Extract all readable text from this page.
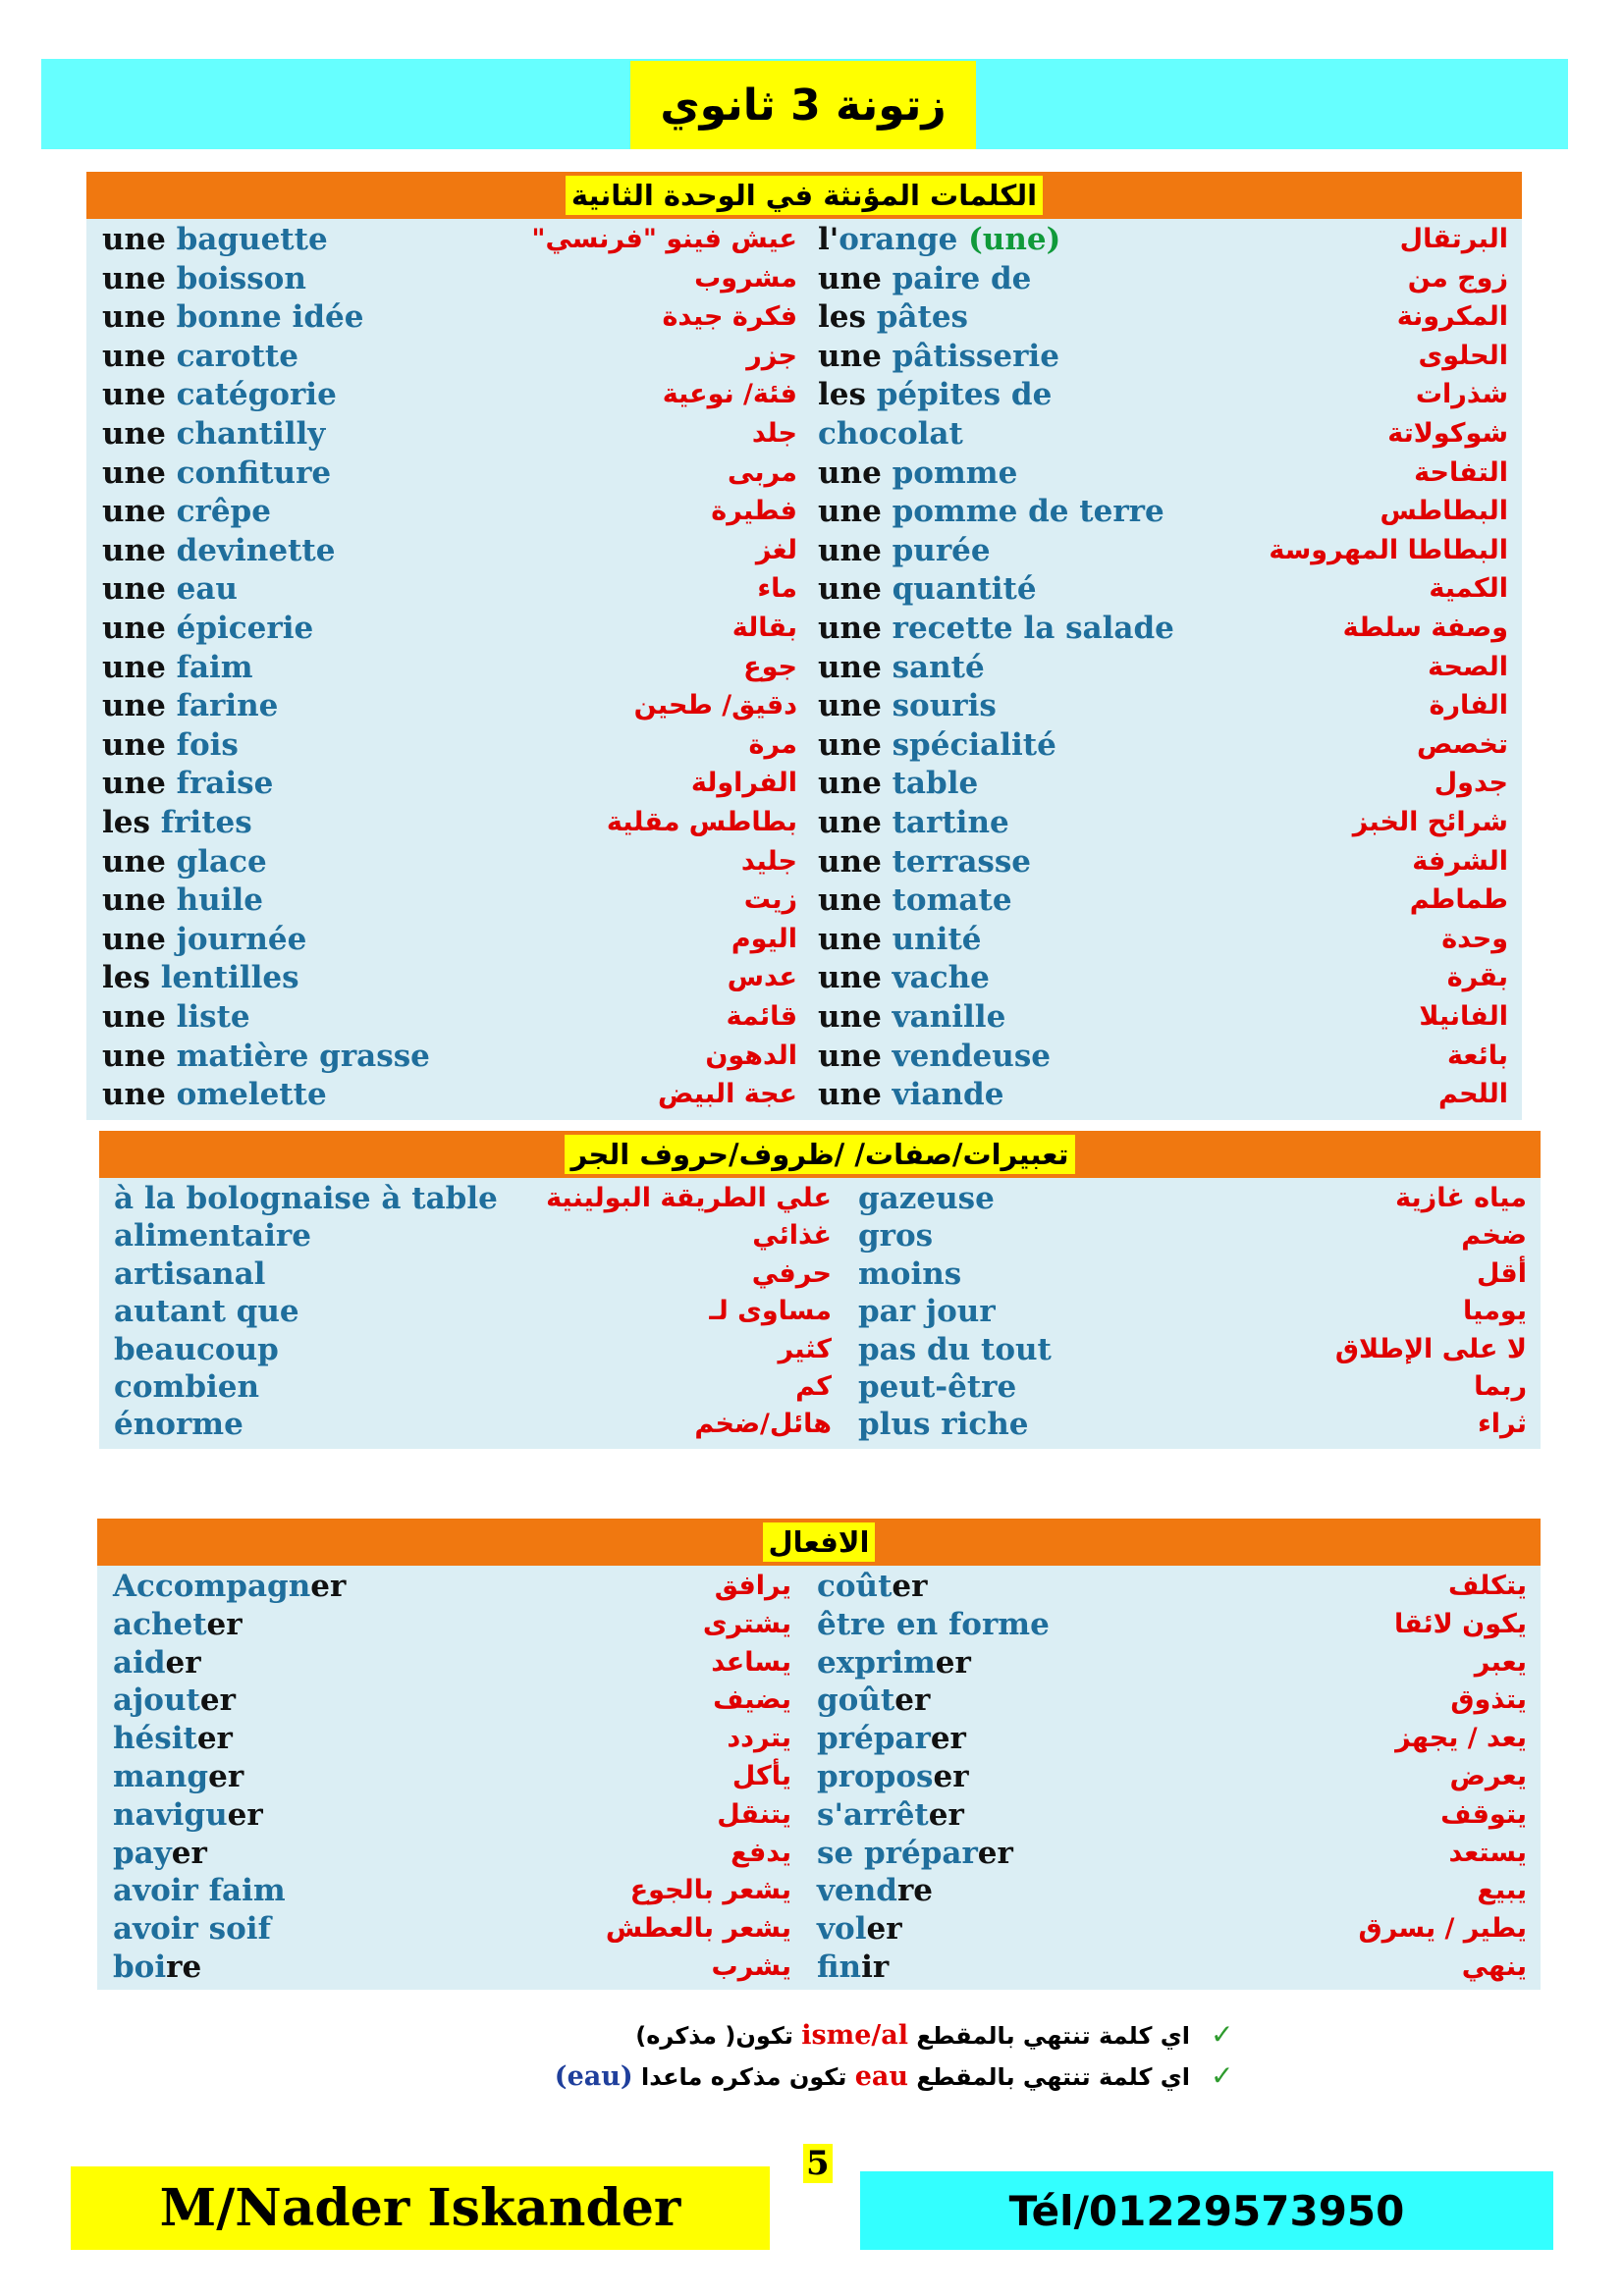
زتونة 3 ثانوي
الكلمات المؤنثة في الوحدة الثانية
une baguette	عيش فينو "فرنسي"
une boisson	مشروب
une bonne idée	فكرة جيدة
une carotte	جزر
une catégorie	فئة/ نوعية
une chantilly	جلد
une confiture	مربى
une crêpe	فطيرة
une devinette	لغز
une eau	ماء
une épicerie	بقالة
une faim	جوع
une farine	دقيق/ طحين
une fois	مرة
une fraise	الفراولة
les frites	بطاطس مقلية
une glace	جليد
une huile	زيت
une journée	اليوم
les lentilles	عدس
une liste	قائمة
une matière grasse	الدهون
une omelette	عجة البيض
l'orange (une)	البرتقال
une paire de	زوج من
les pâtes	المكرونة
une pâtisserie	الحلوى
les pépites de	شذرات
chocolat	شوكولاتة
une pomme	التفاحة
une pomme de terre	البطاطس
une purée	البطاطا المهروسة
une quantité	الكمية
une recette la salade	وصفة سلطة
une santé	الصحة
une souris	الفارة
une spécialité	تخصص
une table	جدول
une tartine	شرائح الخبز
une terrasse	الشرفة
une tomate	طماطم
une unité	وحدة
une vache	بقرة
une vanille	الفانيلا
une vendeuse	بائعة
une viande	اللحم
تعبيرات/صفات/ /ظروف/حروف الجر
à la bolognaise à table علي الطريقة البولينية
alimentaire	غذائي
artisanal	حرفي
autant que	مساوى لـ
beaucoup	كثير
combien	كم
énorme	هائل/ضخم
gazeuse	مياه غازية
gros	ضخم
moins	أقل
par jour	يوميا
pas du tout	لا على الإطلاق
peut-être	ربما
plus riche	ثراء
الافعال
Accompagner	يرافق
acheter	يشترى
aider	يساعد
ajouter	يضيف
hésiter	يتردد
manger	يأكل
naviguer	يتنقل
payer	يدفع
avoir faim	يشعر بالجوع
avoir soif	يشعر بالعطش
boire	يشرب
coûter	يتكلف
être en forme	يكون لائقا
exprimer	يعبر
goûter	يتذوق
préparer	يعد / يجهز
proposer	يعرض
s'arrêter	يتوقف
se préparer	يستعد
vendre	يبيع
voler	يطير / يسرق
finir	ينهي
✓
اي كلمة تنتهي بالمقطع isme/al تكون( مذكره)
✓
اي كلمة تنتهي بالمقطع eau تكون مذكره ماعدا (eau)
5
M/Nader Iskander	Tél/01229573950
